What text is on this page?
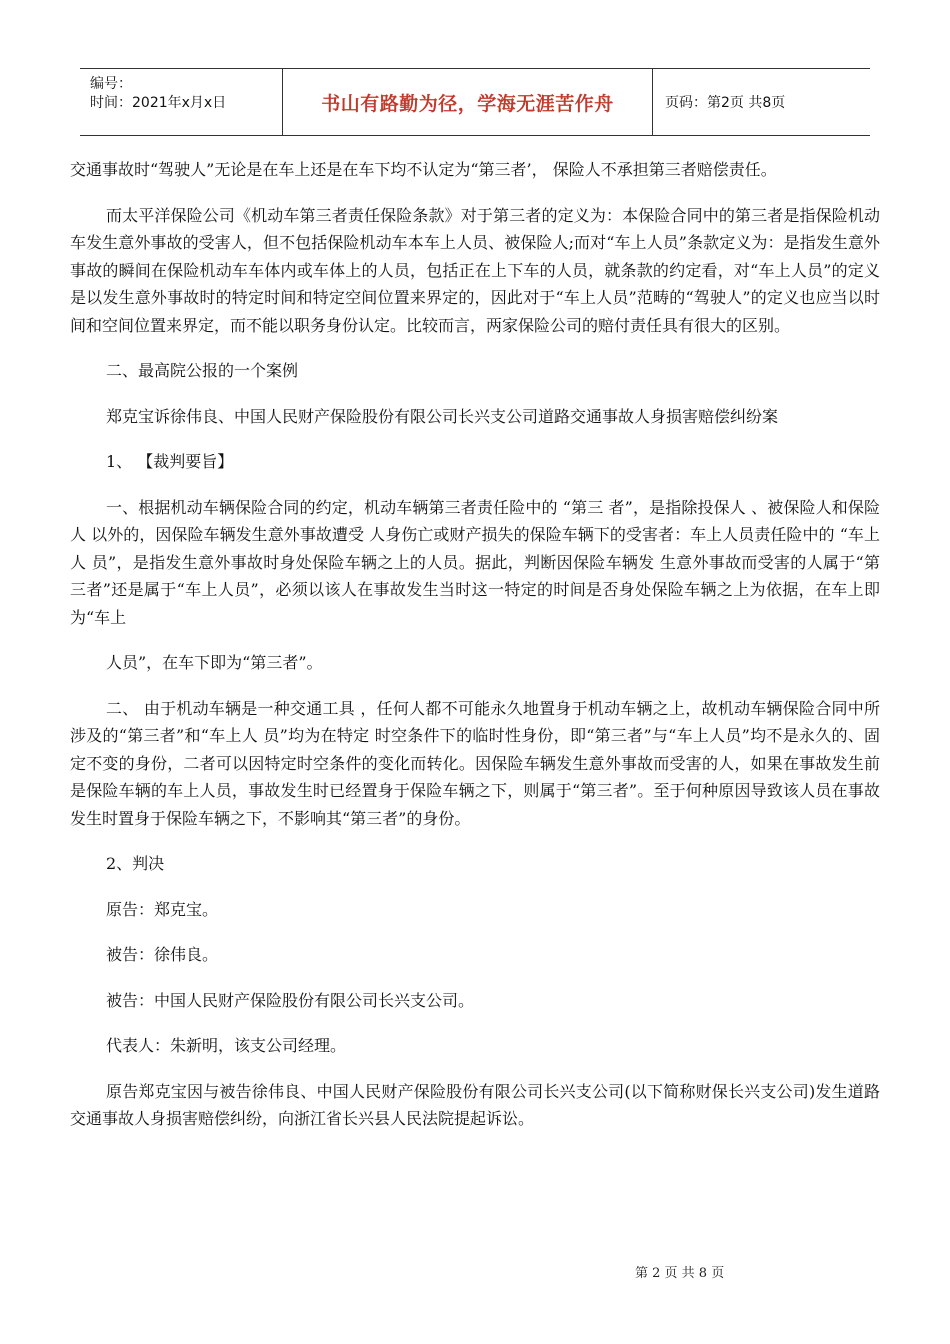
编号：
时间：2021年x月x日	书山有路勤为径，学海无涯苦作舟	页码：第2页 共8页

交通事故时“驾驶人”无论是在车上还是在车下均不认定为“第三者’， 保险人不承担第三者赔偿责任。

而太平洋保险公司《机动车第三者责任保险条款》对于第三者的定义为：本保险合同中的第三者是指保险机动车发生意外事故的受害人，但不包括保险机动车本车上人员、被保险人;而对“车上人员”条款定义为：是指发生意外事故的瞬间在保险机动车车体内或车体上的人员，包括正在上下车的人员，就条款的约定看，对“车上人员”的定义是以发生意外事故时的特定时间和特定空间位置来界定的，因此对于“车上人员”范畴的“驾驶人”的定义也应当以时间和空间位置来界定，而不能以职务身份认定。比较而言，两家保险公司的赔付责任具有很大的区别。

二、最高院公报的一个案例

郑克宝诉徐伟良、中国人民财产保险股份有限公司长兴支公司道路交通事故人身损害赔偿纠纷案

1、 【裁判要旨】

一、根据机动车辆保险合同的约定，机动车辆第三者责任险中的 “第三 者”，是指除投保人 、被保险人和保险人 以外的，因保险车辆发生意外事故遭受 人身伤亡或财产损失的保险车辆下的受害者：车上人员责任险中的 “车上人 员”，是指发生意外事故时身处保险车辆之上的人员。据此，判断因保险车辆发 生意外事故而受害的人属于“第三者”还是属于“车上人员”，必须以该人在事故发生当时这一特定的时间是否身处保险车辆之上为依据，在车上即为“车上

人员”，在车下即为“第三者”。

二、 由于机动车辆是一种交通工具 ，任何人都不可能永久地置身于机动车辆之上，故机动车辆保险合同中所涉及的“第三者”和“车上人 员”均为在特定 时空条件下的临时性身份，即“第三者”与“车上人员”均不是永久的、固定不变的身份，二者可以因特定时空条件的变化而转化。因保险车辆发生意外事故而受害的人，如果在事故发生前是保险车辆的车上人员，事故发生时已经置身于保险车辆之下，则属于“第三者”。至于何种原因导致该人员在事故发生时置身于保险车辆之下，不影响其“第三者”的身份。

2、判决

原告：郑克宝。

被告：徐伟良。

被告：中国人民财产保险股份有限公司长兴支公司。

代表人：朱新明，该支公司经理。

原告郑克宝因与被告徐伟良、中国人民财产保险股份有限公司长兴支公司(以下简称财保长兴支公司)发生道路交通事故人身损害赔偿纠纷，向浙江省长兴县人民法院提起诉讼。

第 2 页 共 8 页
